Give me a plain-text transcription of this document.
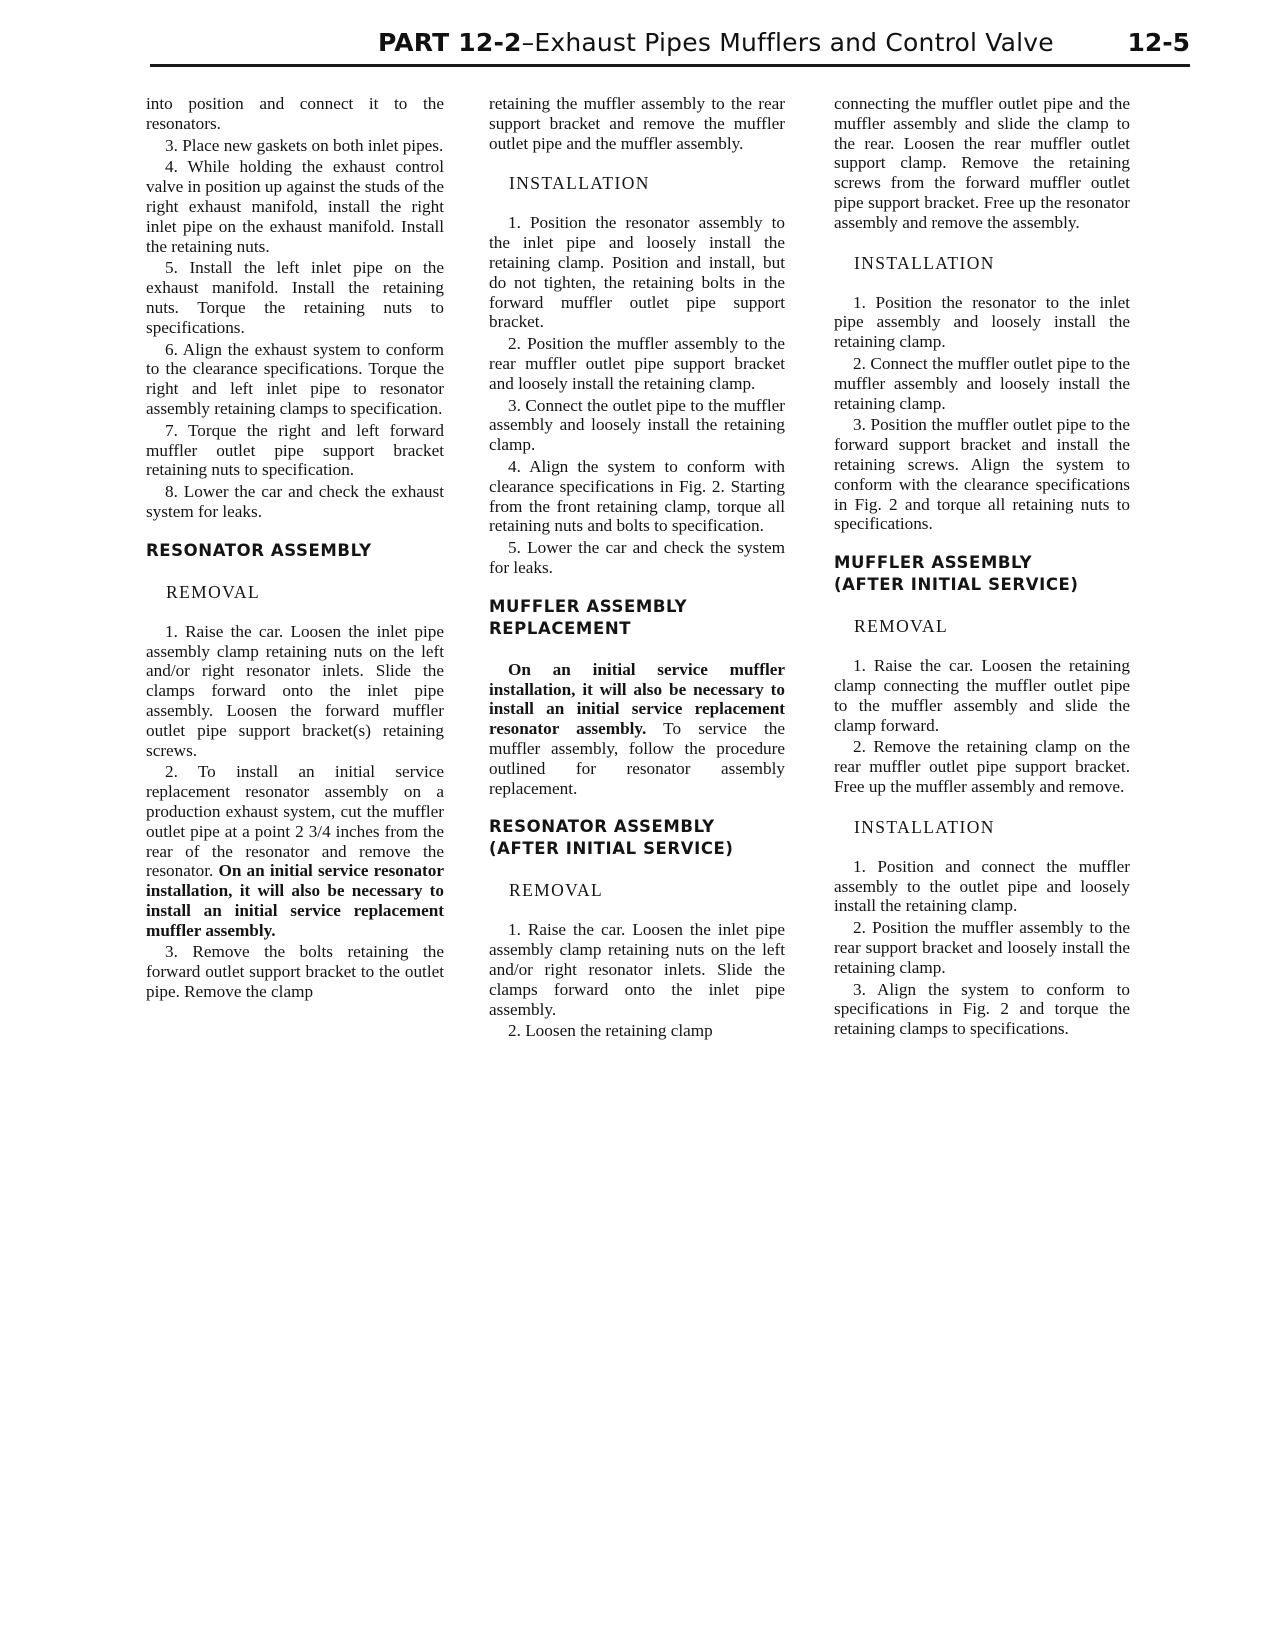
PART 12-2–Exhaust Pipes Mufflers and Control Valve	12-5

into position and connect it to the resonators.

3. Place new gaskets on both inlet pipes.

4. While holding the exhaust control valve in position up against the studs of the right exhaust manifold, install the right inlet pipe on the exhaust manifold. Install the retaining nuts.

5. Install the left inlet pipe on the exhaust manifold. Install the retaining nuts. Torque the retaining nuts to specifications.

6. Align the exhaust system to conform to the clearance specifications. Torque the right and left inlet pipe to resonator assembly retaining clamps to specification.

7. Torque the right and left forward muffler outlet pipe support bracket retaining nuts to specification.

8. Lower the car and check the exhaust system for leaks.

RESONATOR ASSEMBLY
REMOVAL

1. Raise the car. Loosen the inlet pipe assembly clamp retaining nuts on the left and/or right resonator inlets. Slide the clamps forward onto the inlet pipe assembly. Loosen the forward muffler outlet pipe support bracket(s) retaining screws.

2. To install an initial service replacement resonator assembly on a production exhaust system, cut the muffler outlet pipe at a point 2 3/4 inches from the rear of the resonator and remove the resonator. On an initial service resonator installation, it will also be necessary to install an initial service replacement muffler assembly.

3. Remove the bolts retaining the forward outlet support bracket to the outlet pipe. Remove the clamp

retaining the muffler assembly to the rear support bracket and remove the muffler outlet pipe and the muffler assembly.

INSTALLATION

1. Position the resonator assembly to the inlet pipe and loosely install the retaining clamp. Position and install, but do not tighten, the retaining bolts in the forward muffler outlet pipe support bracket.

2. Position the muffler assembly to the rear muffler outlet pipe support bracket and loosely install the retaining clamp.

3. Connect the outlet pipe to the muffler assembly and loosely install the retaining clamp.

4. Align the system to conform with clearance specifications in Fig. 2. Starting from the front retaining clamp, torque all retaining nuts and bolts to specification.

5. Lower the car and check the system for leaks.

MUFFLER ASSEMBLY
REPLACEMENT

On an initial service muffler installation, it will also be necessary to install an initial service replacement resonator assembly. To service the muffler assembly, follow the procedure outlined for resonator assembly replacement.

RESONATOR ASSEMBLY
(AFTER INITIAL SERVICE)
REMOVAL

1. Raise the car. Loosen the inlet pipe assembly clamp retaining nuts on the left and/or right resonator inlets. Slide the clamps forward onto the inlet pipe assembly.

2. Loosen the retaining clamp

connecting the muffler outlet pipe and the muffler assembly and slide the clamp to the rear. Loosen the rear muffler outlet support clamp. Remove the retaining screws from the forward muffler outlet pipe support bracket. Free up the resonator assembly and remove the assembly.

INSTALLATION

1. Position the resonator to the inlet pipe assembly and loosely install the retaining clamp.

2. Connect the muffler outlet pipe to the muffler assembly and loosely install the retaining clamp.

3. Position the muffler outlet pipe to the forward support bracket and install the retaining screws. Align the system to conform with the clearance specifications in Fig. 2 and torque all retaining nuts to specifications.

MUFFLER ASSEMBLY
(AFTER INITIAL SERVICE)
REMOVAL

1. Raise the car. Loosen the retaining clamp connecting the muffler outlet pipe to the muffler assembly and slide the clamp forward.

2. Remove the retaining clamp on the rear muffler outlet pipe support bracket. Free up the muffler assembly and remove.

INSTALLATION

1. Position and connect the muffler assembly to the outlet pipe and loosely install the retaining clamp.

2. Position the muffler assembly to the rear support bracket and loosely install the retaining clamp.

3. Align the system to conform to specifications in Fig. 2 and torque the retaining clamps to specifications.
